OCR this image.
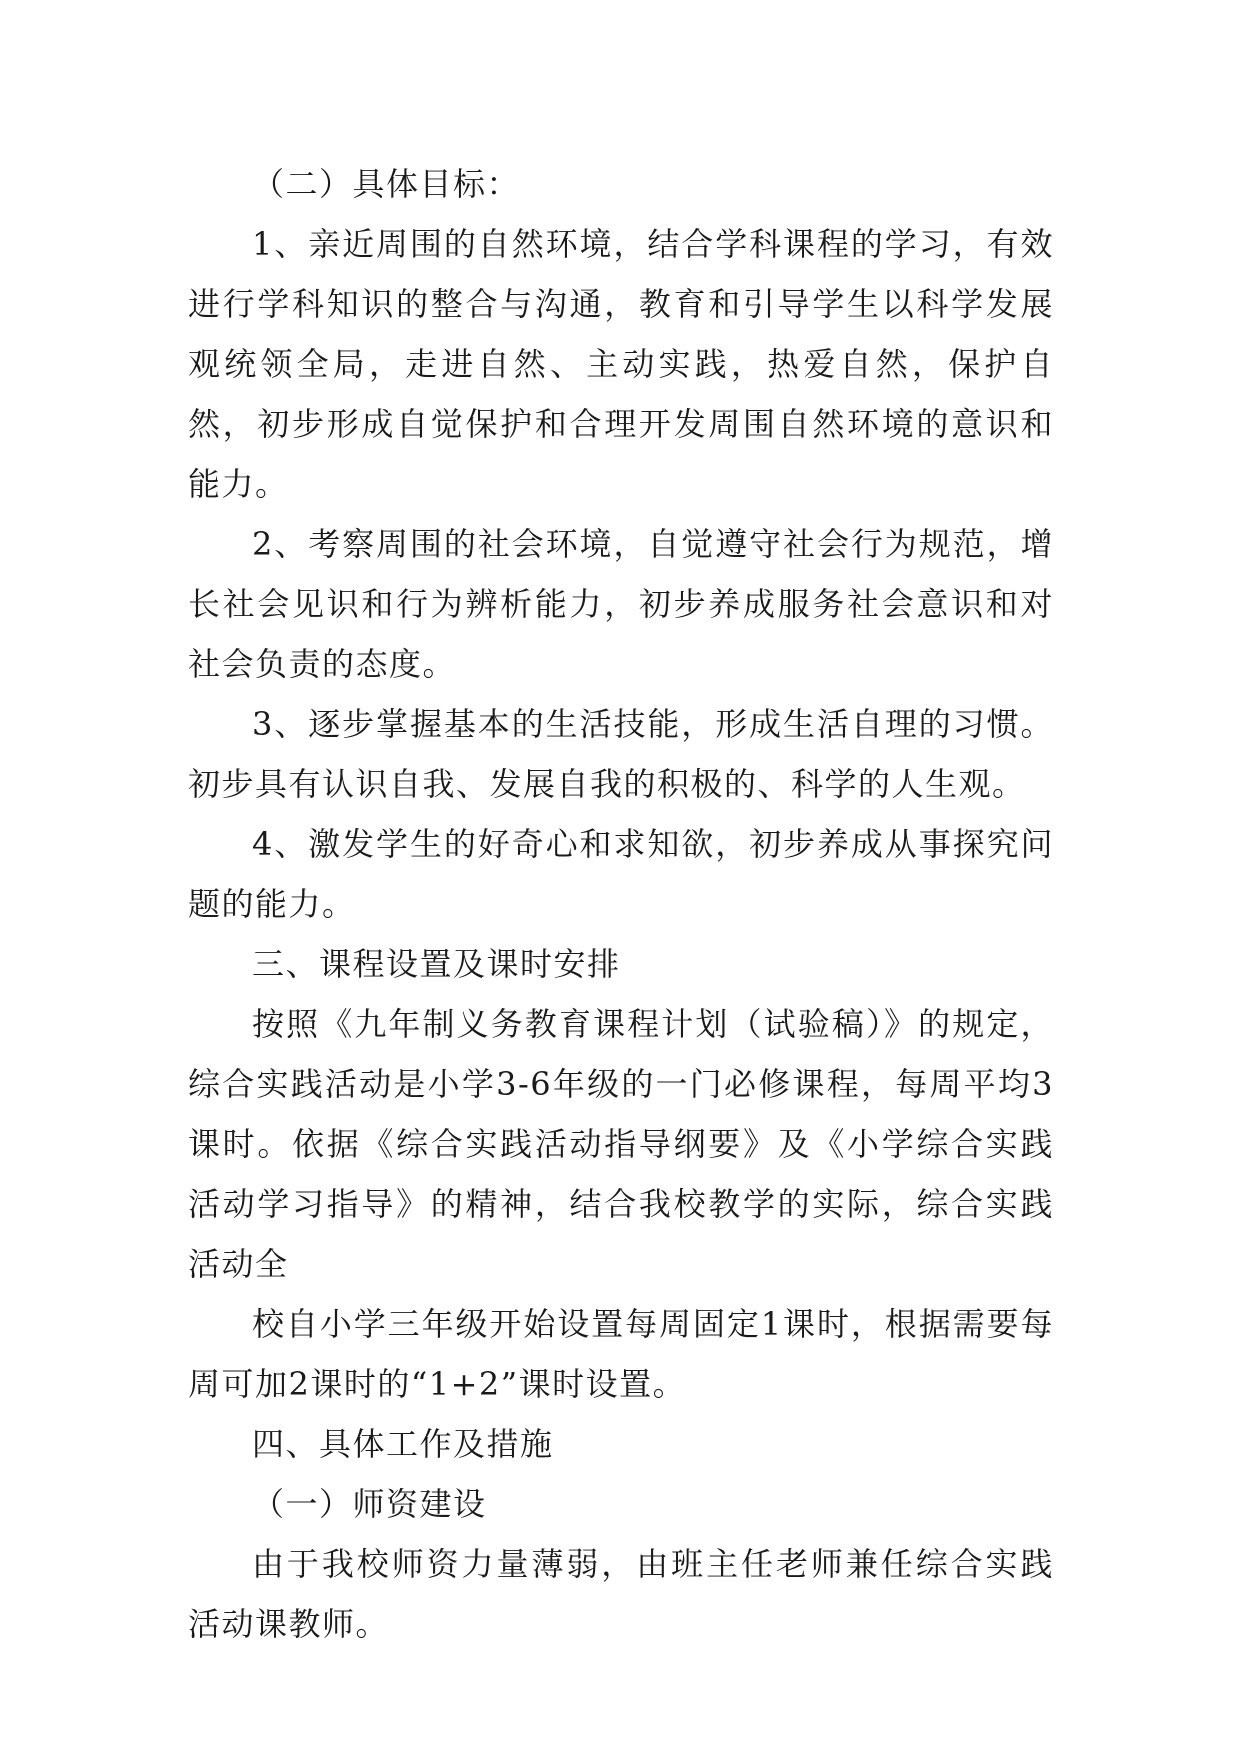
（二）具体目标：

1、亲近周围的自然环境，结合学科课程的学习，有效进行学科知识的整合与沟通，教育和引导学生以科学发展观统领全局，走进自然、主动实践，热爱自然，保护自然，初步形成自觉保护和合理开发周围自然环境的意识和能力。

2、考察周围的社会环境，自觉遵守社会行为规范，增长社会见识和行为辨析能力，初步养成服务社会意识和对社会负责的态度。

3、逐步掌握基本的生活技能，形成生活自理的习惯。初步具有认识自我、发展自我的积极的、科学的人生观。

4、激发学生的好奇心和求知欲，初步养成从事探究问题的能力。

三、课程设置及课时安排

按照《九年制义务教育课程计划（试验稿）》的规定，综合实践活动是小学3-6年级的一门必修课程，每周平均3课时。依据《综合实践活动指导纲要》及《小学综合实践活动学习指导》的精神，结合我校教学的实际，综合实践活动全

校自小学三年级开始设置每周固定1课时，根据需要每周可加2课时的“1+2”课时设置。

四、具体工作及措施

（一）师资建设

由于我校师资力量薄弱，由班主任老师兼任综合实践活动课教师。
